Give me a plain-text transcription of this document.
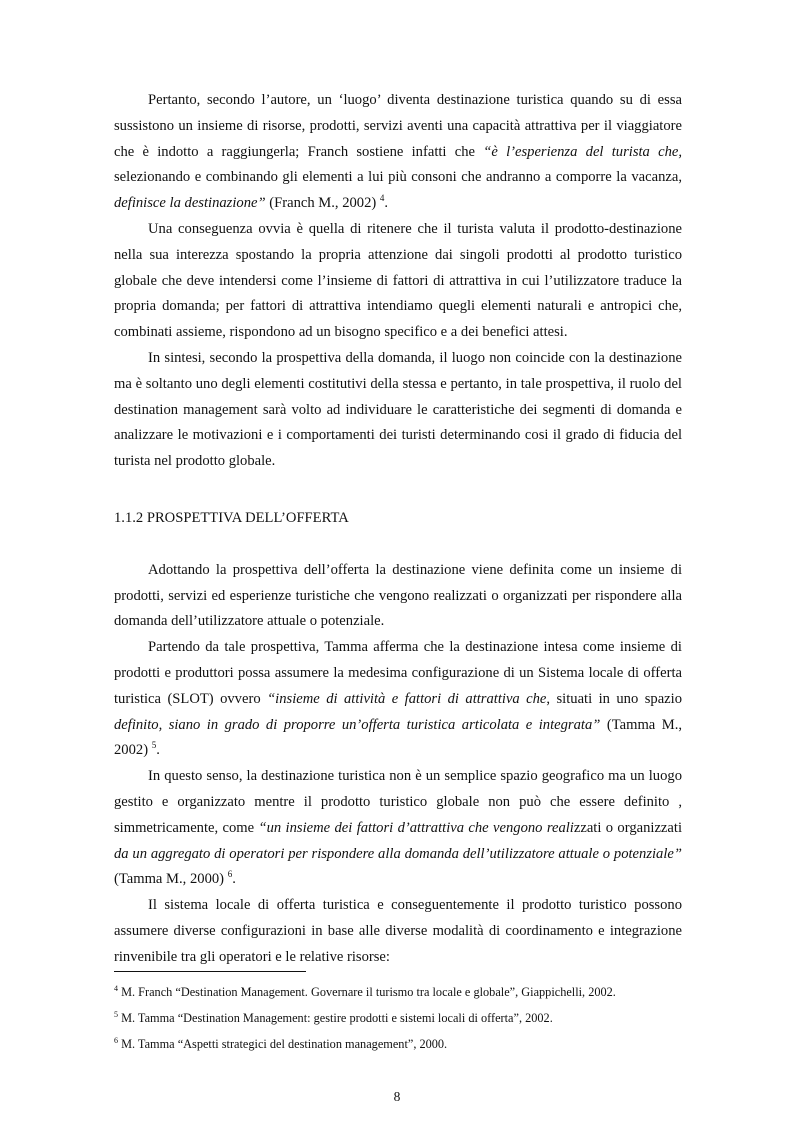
Pertanto, secondo l’autore, un ‘luogo’ diventa destinazione turistica quando su di essa sussistono un insieme di risorse, prodotti, servizi aventi una capacità attrattiva per il viaggiatore che è indotto a raggiungerla; Franch sostiene infatti che “è l’esperienza del turista che, selezionando e combinando gli elementi a lui più consoni che andranno a comporre la vacanza, definisce la destinazione” (Franch M., 2002) $^4$.

Una conseguenza ovvia è quella di ritenere che il turista valuta il prodotto-destinazione nella sua interezza spostando la propria attenzione dai singoli prodotti al prodotto turistico globale che deve intendersi come l’insieme di fattori di attrattiva in cui l’utilizzatore traduce la propria domanda; per fattori di attrattiva intendiamo quegli elementi naturali e antropici che, combinati assieme, rispondono ad un bisogno specifico e a dei benefici attesi.

In sintesi, secondo la prospettiva della domanda, il luogo non coincide con la destinazione ma è soltanto uno degli elementi costitutivi della stessa e pertanto, in tale prospettiva, il ruolo del destination management sarà volto ad individuare le caratteristiche dei segmenti di domanda e analizzare le motivazioni e i comportamenti dei turisti determinando cosi il grado di fiducia del turista nel prodotto globale.

1.1.2 PROSPETTIVA DELL’OFFERTA

Adottando la prospettiva dell’offerta la destinazione viene definita come un insieme di prodotti, servizi ed esperienze turistiche che vengono realizzati o organizzati per rispondere alla domanda dell’utilizzatore attuale o potenziale.

Partendo da tale prospettiva, Tamma afferma che la destinazione intesa come insieme di prodotti e produttori possa assumere la medesima configurazione di un Sistema locale di offerta turistica (SLOT) ovvero “insieme di attività e fattori di attrattiva che, situati in uno spazio definito, siano in grado di proporre un’offerta turistica articolata e integrata” (Tamma M., 2002) $^5$.

In questo senso, la destinazione turistica non è un semplice spazio geografico ma un luogo gestito e organizzato mentre il prodotto turistico globale non può che essere definito , simmetricamente, come “un insieme dei fattori d’attrattiva che vengono realizzati o organizzati da un aggregato di operatori per rispondere alla domanda dell’utilizzatore attuale o potenziale” (Tamma M., 2000) $^6$.

Il sistema locale di offerta turistica e conseguentemente il prodotto turistico possono assumere diverse configurazioni in base alle diverse modalità di coordinamento e integrazione rinvenibile tra gli operatori e le relative risorse:

$^4$ M. Franch “Destination Management. Governare il turismo tra locale e globale”, Giappichelli, 2002.

$^5$ M. Tamma “Destination Management: gestire prodotti e sistemi locali di offerta”, 2002.

$^6$ M. Tamma “Aspetti strategici del destination management”, 2000.

8
